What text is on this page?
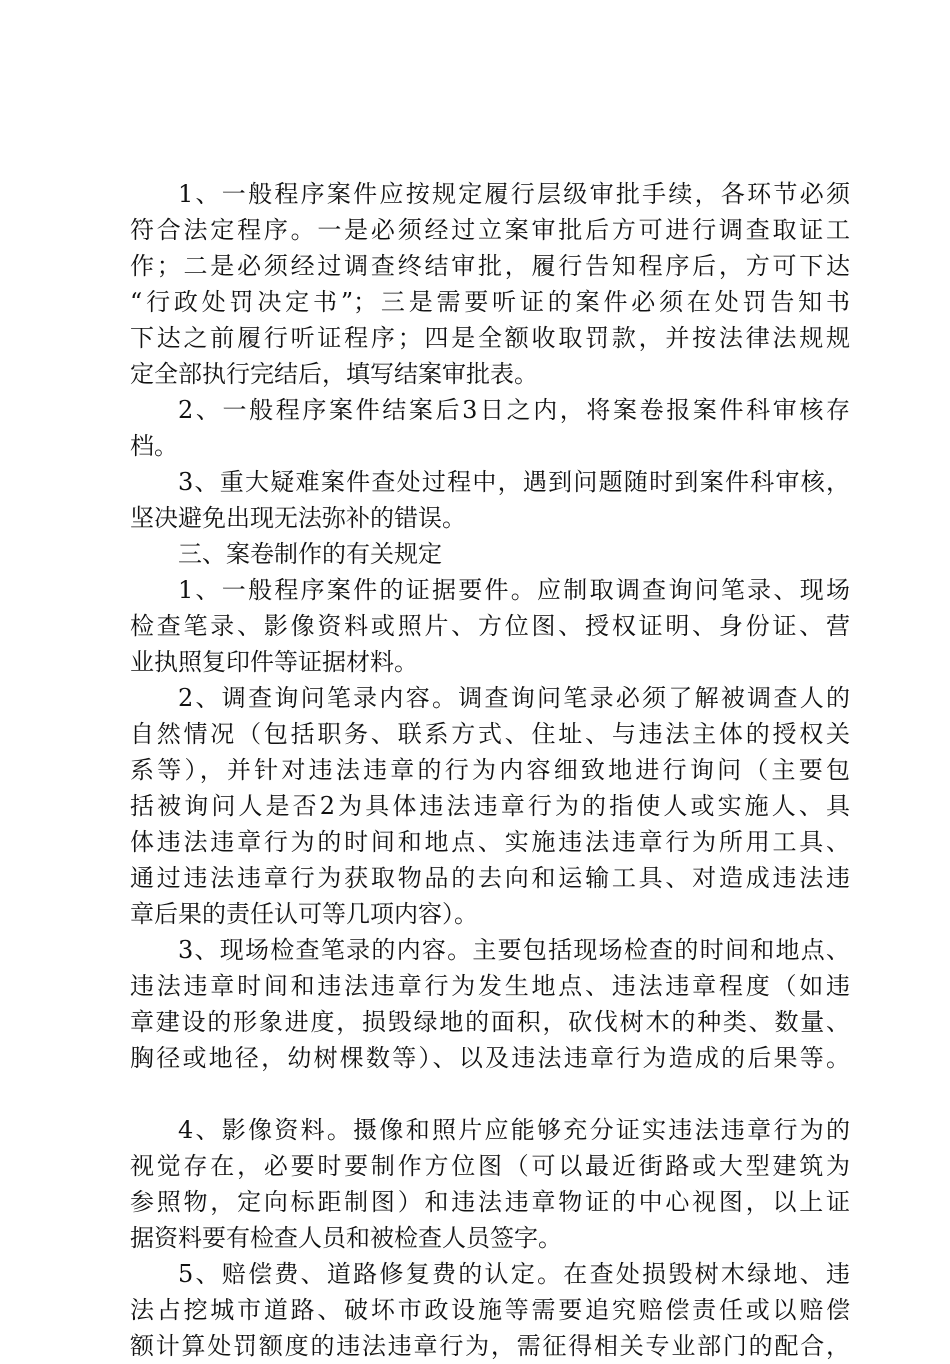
1、一般程序案件应按规定履行层级审批手续，各环节必须
符合法定程序。一是必须经过立案审批后方可进行调查取证工
作；二是必须经过调查终结审批，履行告知程序后，方可下达
“行政处罚决定书”；三是需要听证的案件必须在处罚告知书
下达之前履行听证程序；四是全额收取罚款，并按法律法规规
定全部执行完结后，填写结案审批表。
2、一般程序案件结案后3日之内，将案卷报案件科审核存
档。
3、重大疑难案件查处过程中，遇到问题随时到案件科审核，
坚决避免出现无法弥补的错误。
三、案卷制作的有关规定
1、一般程序案件的证据要件。应制取调查询问笔录、现场
检查笔录、影像资料或照片、方位图、授权证明、身份证、营
业执照复印件等证据材料。
2、调查询问笔录内容。调查询问笔录必须了解被调查人的
自然情况（包括职务、联系方式、住址、与违法主体的授权关
系等），并针对违法违章的行为内容细致地进行询问（主要包
括被询问人是否2为具体违法违章行为的指使人或实施人、具
体违法违章行为的时间和地点、实施违法违章行为所用工具、
通过违法违章行为获取物品的去向和运输工具、对造成违法违
章后果的责任认可等几项内容）。
3、现场检查笔录的内容。主要包括现场检查的时间和地点、
违法违章时间和违法违章行为发生地点、违法违章程度（如违
章建设的形象进度，损毁绿地的面积，砍伐树木的种类、数量、
胸径或地径，幼树棵数等）、以及违法违章行为造成的后果等。
4、影像资料。摄像和照片应能够充分证实违法违章行为的
视觉存在，必要时要制作方位图（可以最近街路或大型建筑为
参照物，定向标距制图）和违法违章物证的中心视图，以上证
据资料要有检查人员和被检查人员签字。
5、赔偿费、道路修复费的认定。在查处损毁树木绿地、违
法占挖城市道路、破坏市政设施等需要追究赔偿责任或以赔偿
额计算处罚额度的违法违章行为，需征得相关专业部门的配合，
